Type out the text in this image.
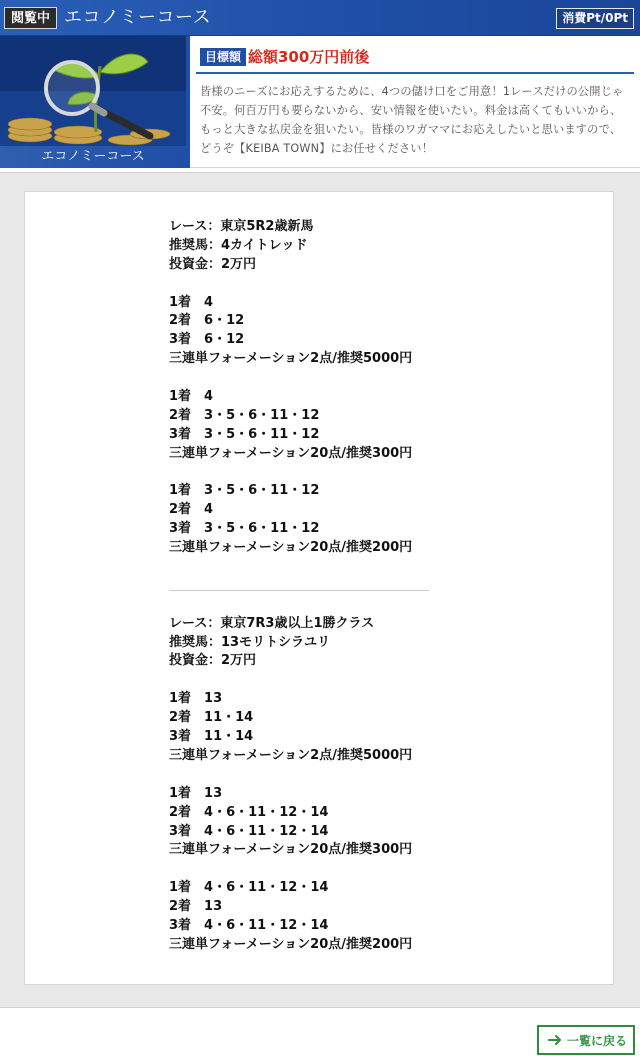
閲覧中 エコノミーコース	消費Pt/0Pt
エコノミーコース
目標額 総額300万円前後
皆様のニーズにお応えするために、4つの儲け口をご用意！1レースだけの公開じゃ不安。何百万円も要らないから、安い情報を使いたい。料金は高くてもいいから、もっと大きな払戻金を狙いたい。皆様のワガママにお応えしたいと思いますので、どうぞ【KEIBA TOWN】にお任せください！
レース：東京5R2歳新馬
推奨馬：4カイトレッド
投資金：2万円
1着　4
2着　6・12
3着　6・12
三連単フォーメーション2点/推奨5000円
1着　4
2着　3・5・6・11・12
3着　3・5・6・11・12
三連単フォーメーション20点/推奨300円
1着　3・5・6・11・12
2着　4
3着　3・5・6・11・12
三連単フォーメーション20点/推奨200円
＿＿＿＿＿＿＿＿＿＿＿＿＿＿＿＿＿＿＿＿
レース：東京7R3歳以上1勝クラス
推奨馬：13モリトシラユリ
投資金：2万円
1着　13
2着　11・14
3着　11・14
三連単フォーメーション2点/推奨5000円
1着　13
2着　4・6・11・12・14
3着　4・6・11・12・14
三連単フォーメーション20点/推奨300円
1着　4・6・11・12・14
2着　13
3着　4・6・11・12・14
三連単フォーメーション20点/推奨200円
一覧に戻る
